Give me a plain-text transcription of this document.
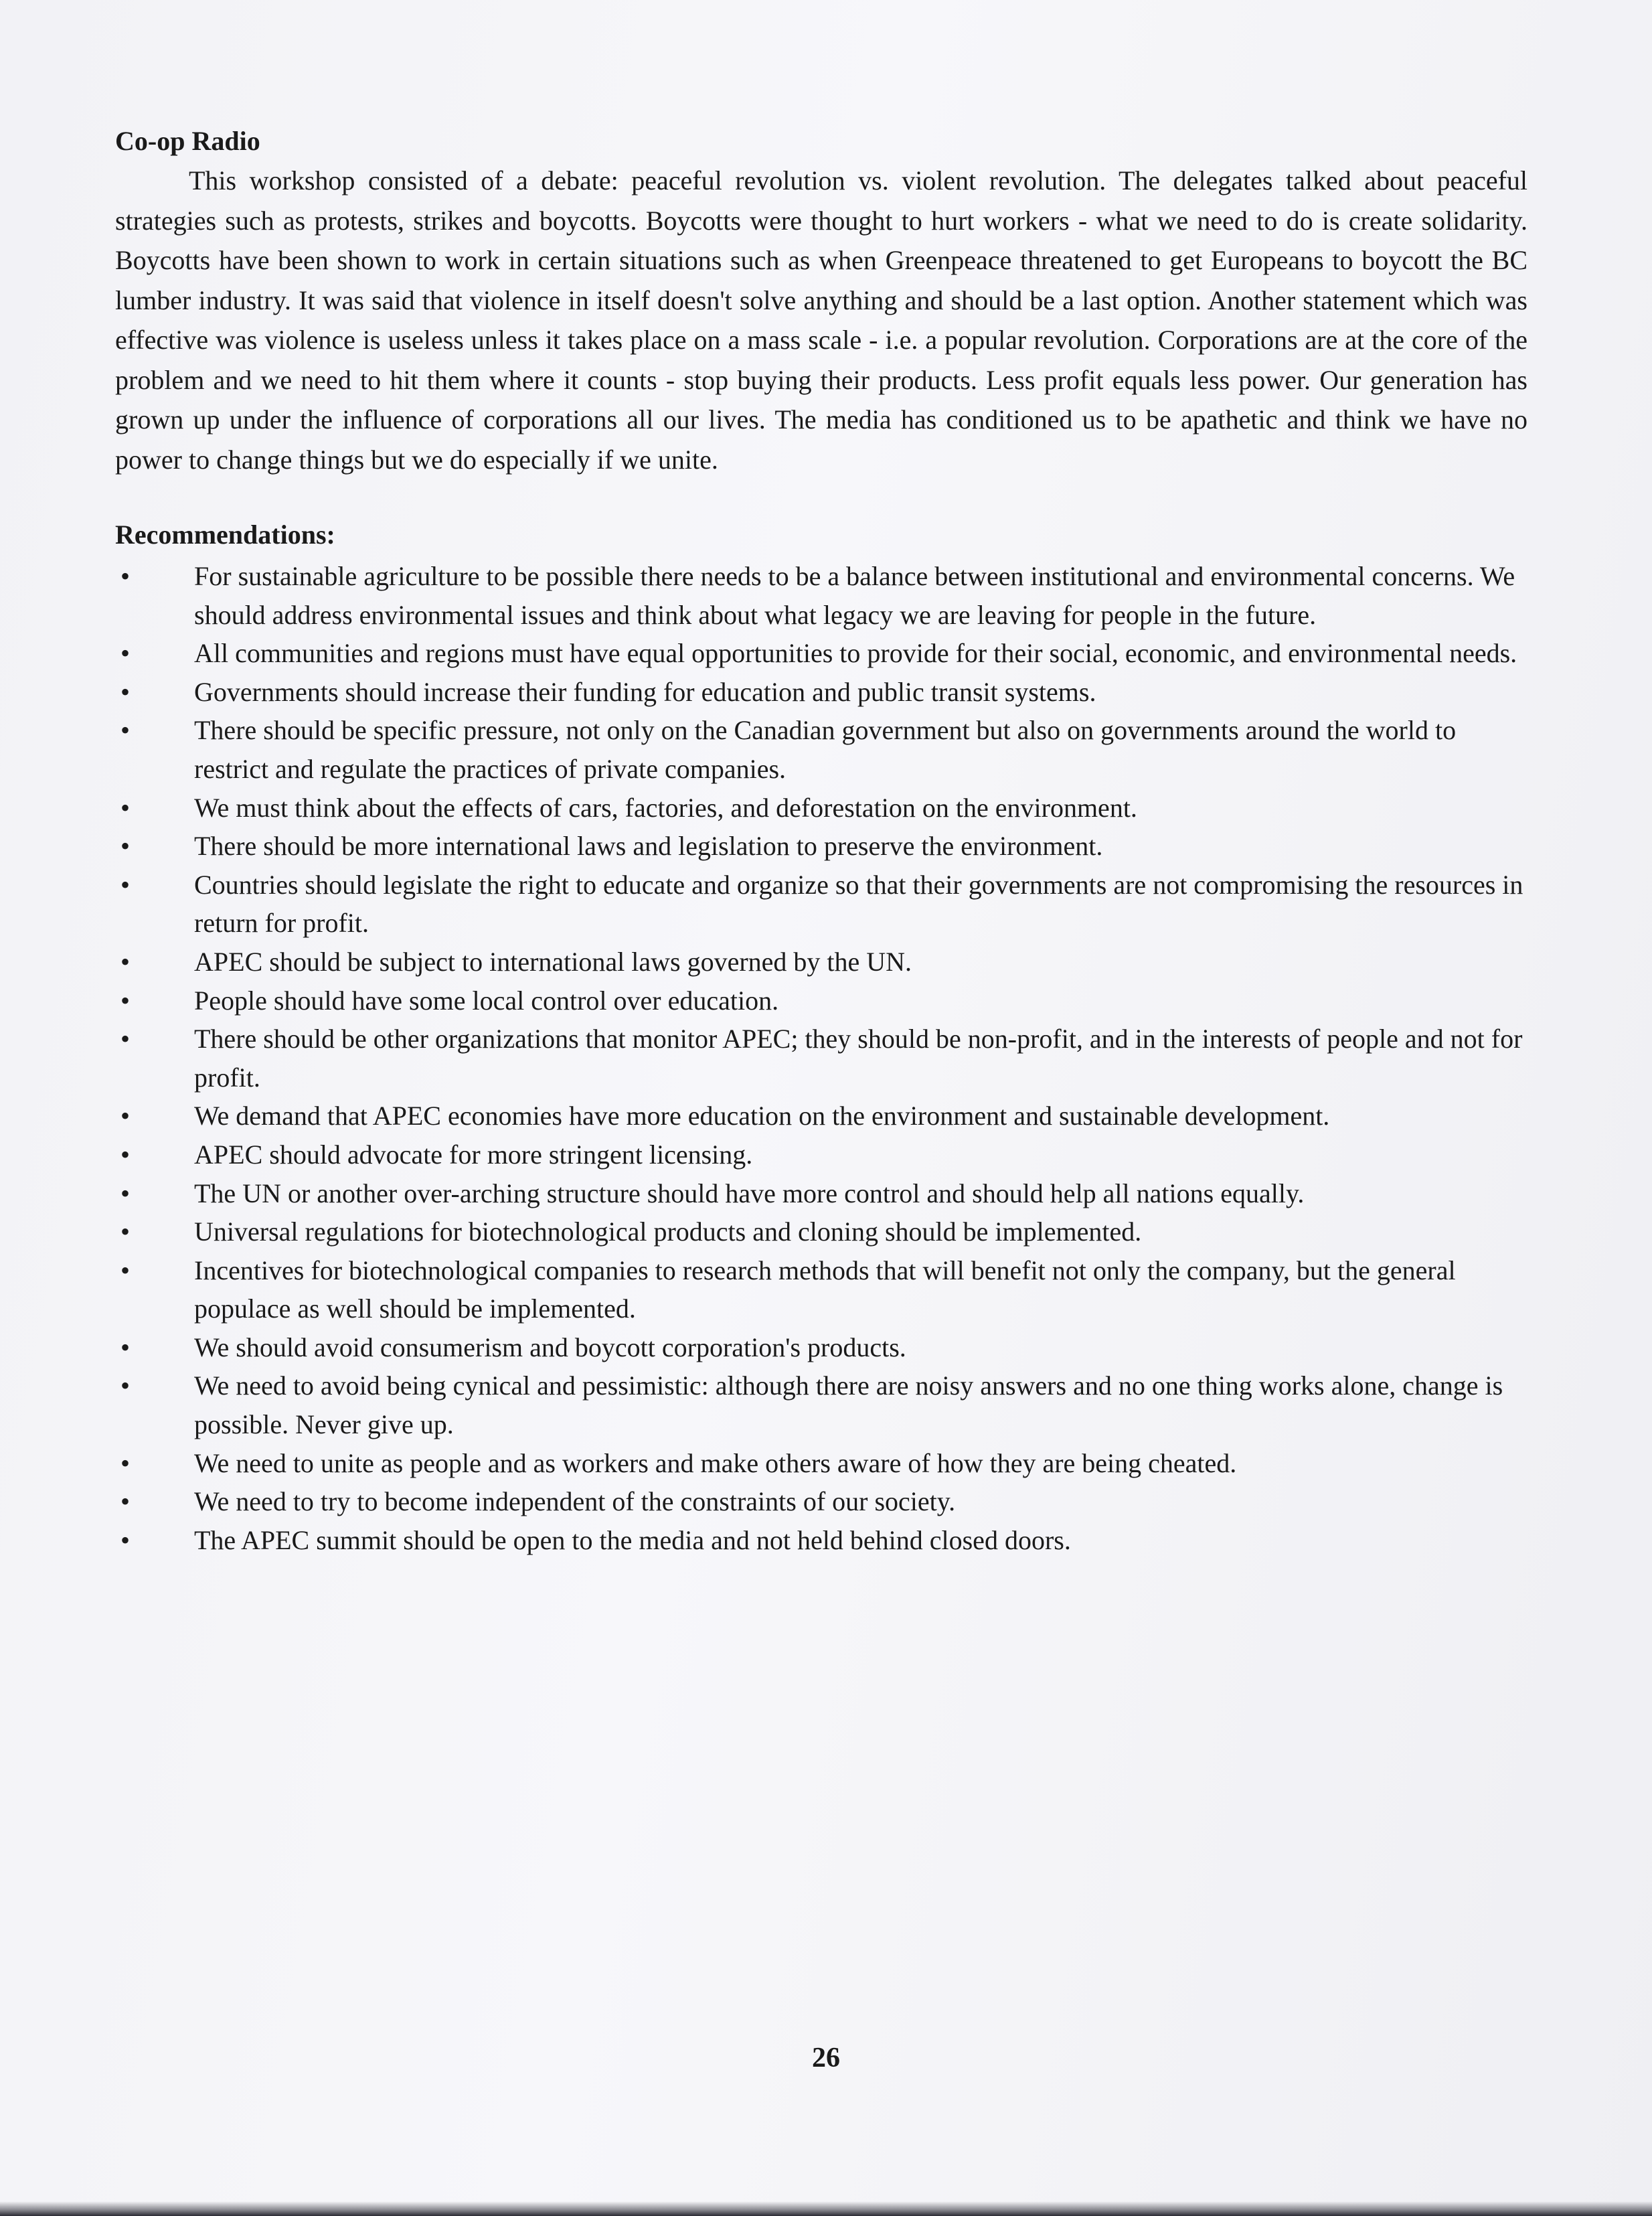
Co-op Radio

This workshop consisted of a debate: peaceful revolution vs. violent revolution. The delegates talked about peaceful strategies such as protests, strikes and boycotts. Boycotts were thought to hurt workers - what we need to do is create solidarity. Boycotts have been shown to work in certain situations such as when Greenpeace threatened to get Europeans to boycott the BC lumber industry. It was said that violence in itself doesn't solve anything and should be a last option. Another statement which was effective was violence is useless unless it takes place on a mass scale - i.e. a popular revolution. Corporations are at the core of the problem and we need to hit them where it counts - stop buying their products. Less profit equals less power. Our generation has grown up under the influence of corporations all our lives. The media has conditioned us to be apathetic and think we have no power to change things but we do especially if we unite.

Recommendations:
• For sustainable agriculture to be possible there needs to be a balance between institutional and environmental concerns. We should address environmental issues and think about what legacy we are leaving for people in the future.
• All communities and regions must have equal opportunities to provide for their social, economic, and environmental needs.
• Governments should increase their funding for education and public transit systems.
• There should be specific pressure, not only on the Canadian government but also on governments around the world to restrict and regulate the practices of private companies.
• We must think about the effects of cars, factories, and deforestation on the environment.
• There should be more international laws and legislation to preserve the environment.
• Countries should legislate the right to educate and organize so that their governments are not compromising the resources in return for profit.
• APEC should be subject to international laws governed by the UN.
• People should have some local control over education.
• There should be other organizations that monitor APEC; they should be non-profit, and in the interests of people and not for profit.
• We demand that APEC economies have more education on the environment and sustainable development.
• APEC should advocate for more stringent licensing.
• The UN or another over-arching structure should have more control and should help all nations equally.
• Universal regulations for biotechnological products and cloning should be implemented.
• Incentives for biotechnological companies to research methods that will benefit not only the company, but the general populace as well should be implemented.
• We should avoid consumerism and boycott corporation's products.
• We need to avoid being cynical and pessimistic: although there are noisy answers and no one thing works alone, change is possible. Never give up.
• We need to unite as people and as workers and make others aware of how they are being cheated.
• We need to try to become independent of the constraints of our society.
• The APEC summit should be open to the media and not held behind closed doors.
26
